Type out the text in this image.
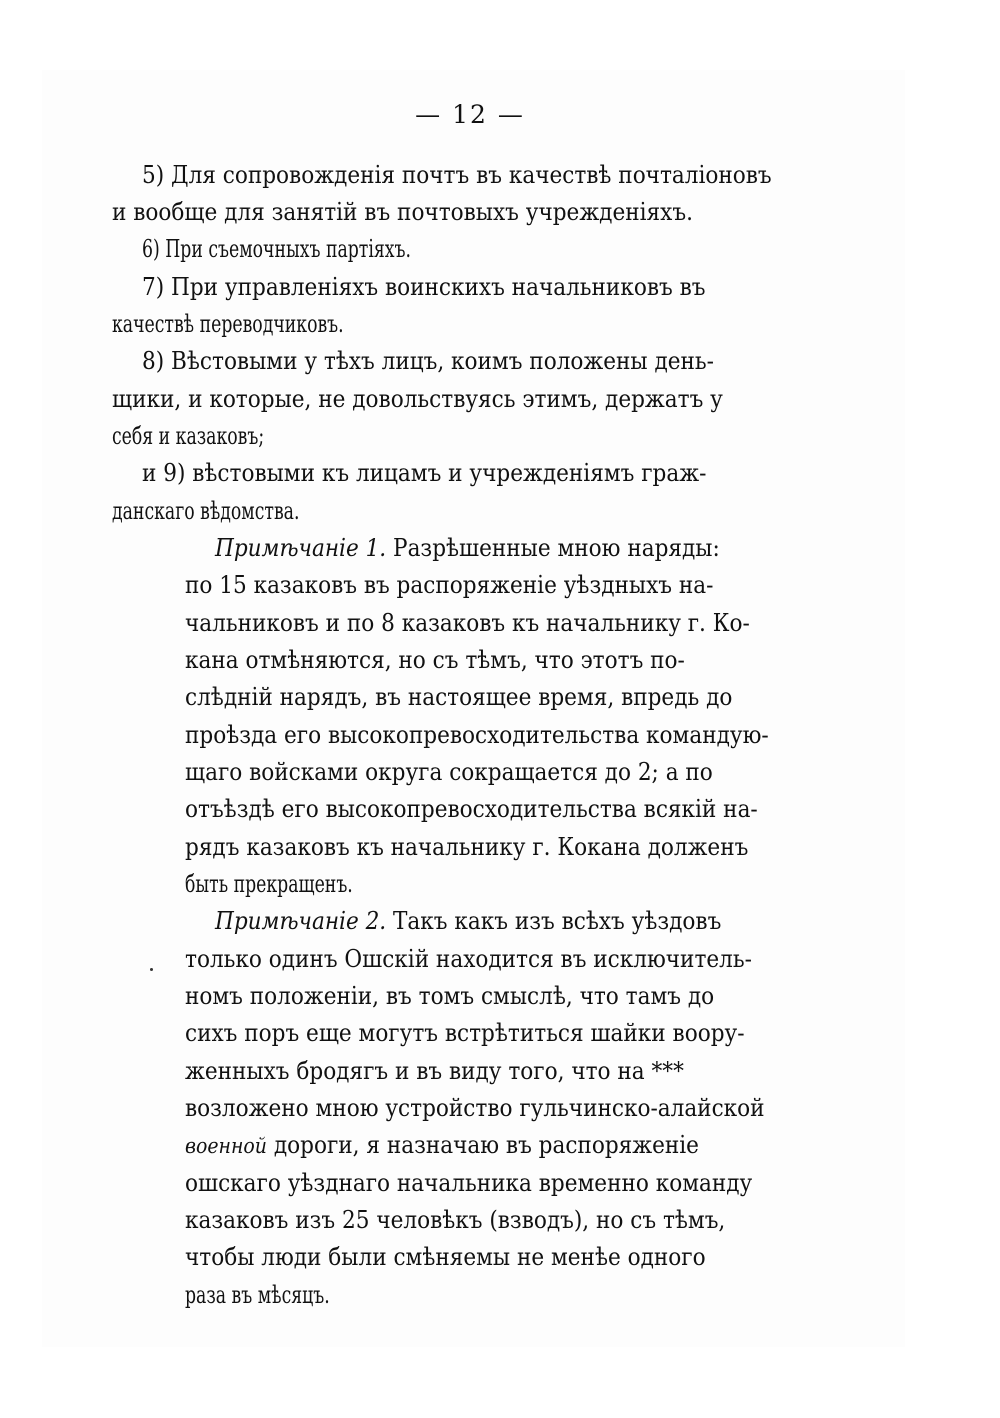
— 12 —
5) Для сопровожденія почтъ въ качествѣ почталіоновъ
и вообще для занятій въ почтовыхъ учрежденіяхъ.
6) При съемочныхъ партіяхъ.
7) При управленіяхъ воинскихъ начальниковъ въ
качествѣ переводчиковъ.
8) Вѣстовыми у тѣхъ лицъ, коимъ положены день-
щики, и которые, не довольствуясь этимъ, держатъ у
себя и казаковъ;
и 9) вѣстовыми къ лицамъ и учрежденіямъ граж-
данскаго вѣдомства.
Примѣчаніе 1. Разрѣшенные мною наряды:
по 15 казаковъ въ распоряженіе уѣздныхъ на-
чальниковъ и по 8 казаковъ къ начальнику г. Ко-
кана отмѣняются, но съ тѣмъ, что этотъ по-
слѣдній нарядъ, въ настоящее время, впредь до
проѣзда его высокопревосходительства командую-
щаго войсками округа сокращается до 2; а по
отъѣздѣ его высокопревосходительства всякій на-
рядъ казаковъ къ начальнику г. Кокана долженъ
быть прекращенъ.
Примѣчаніе 2. Такъ какъ изъ всѣхъ уѣздовъ
только одинъ Ошскій находится въ исключитель-
номъ положеніи, въ томъ смыслѣ, что тамъ до
сихъ поръ еще могутъ встрѣтиться шайки воору-
женныхъ бродягъ и въ виду того, что на ***
возложено мною устройство гульчинско-алайской
военной дороги, я назначаю въ распоряженіе
ошскаго уѣзднаго начальника временно команду
казаковъ изъ 25 человѣкъ (взводъ), но съ тѣмъ,
чтобы люди были смѣняемы не менѣе одного
раза въ мѣсяцъ.
